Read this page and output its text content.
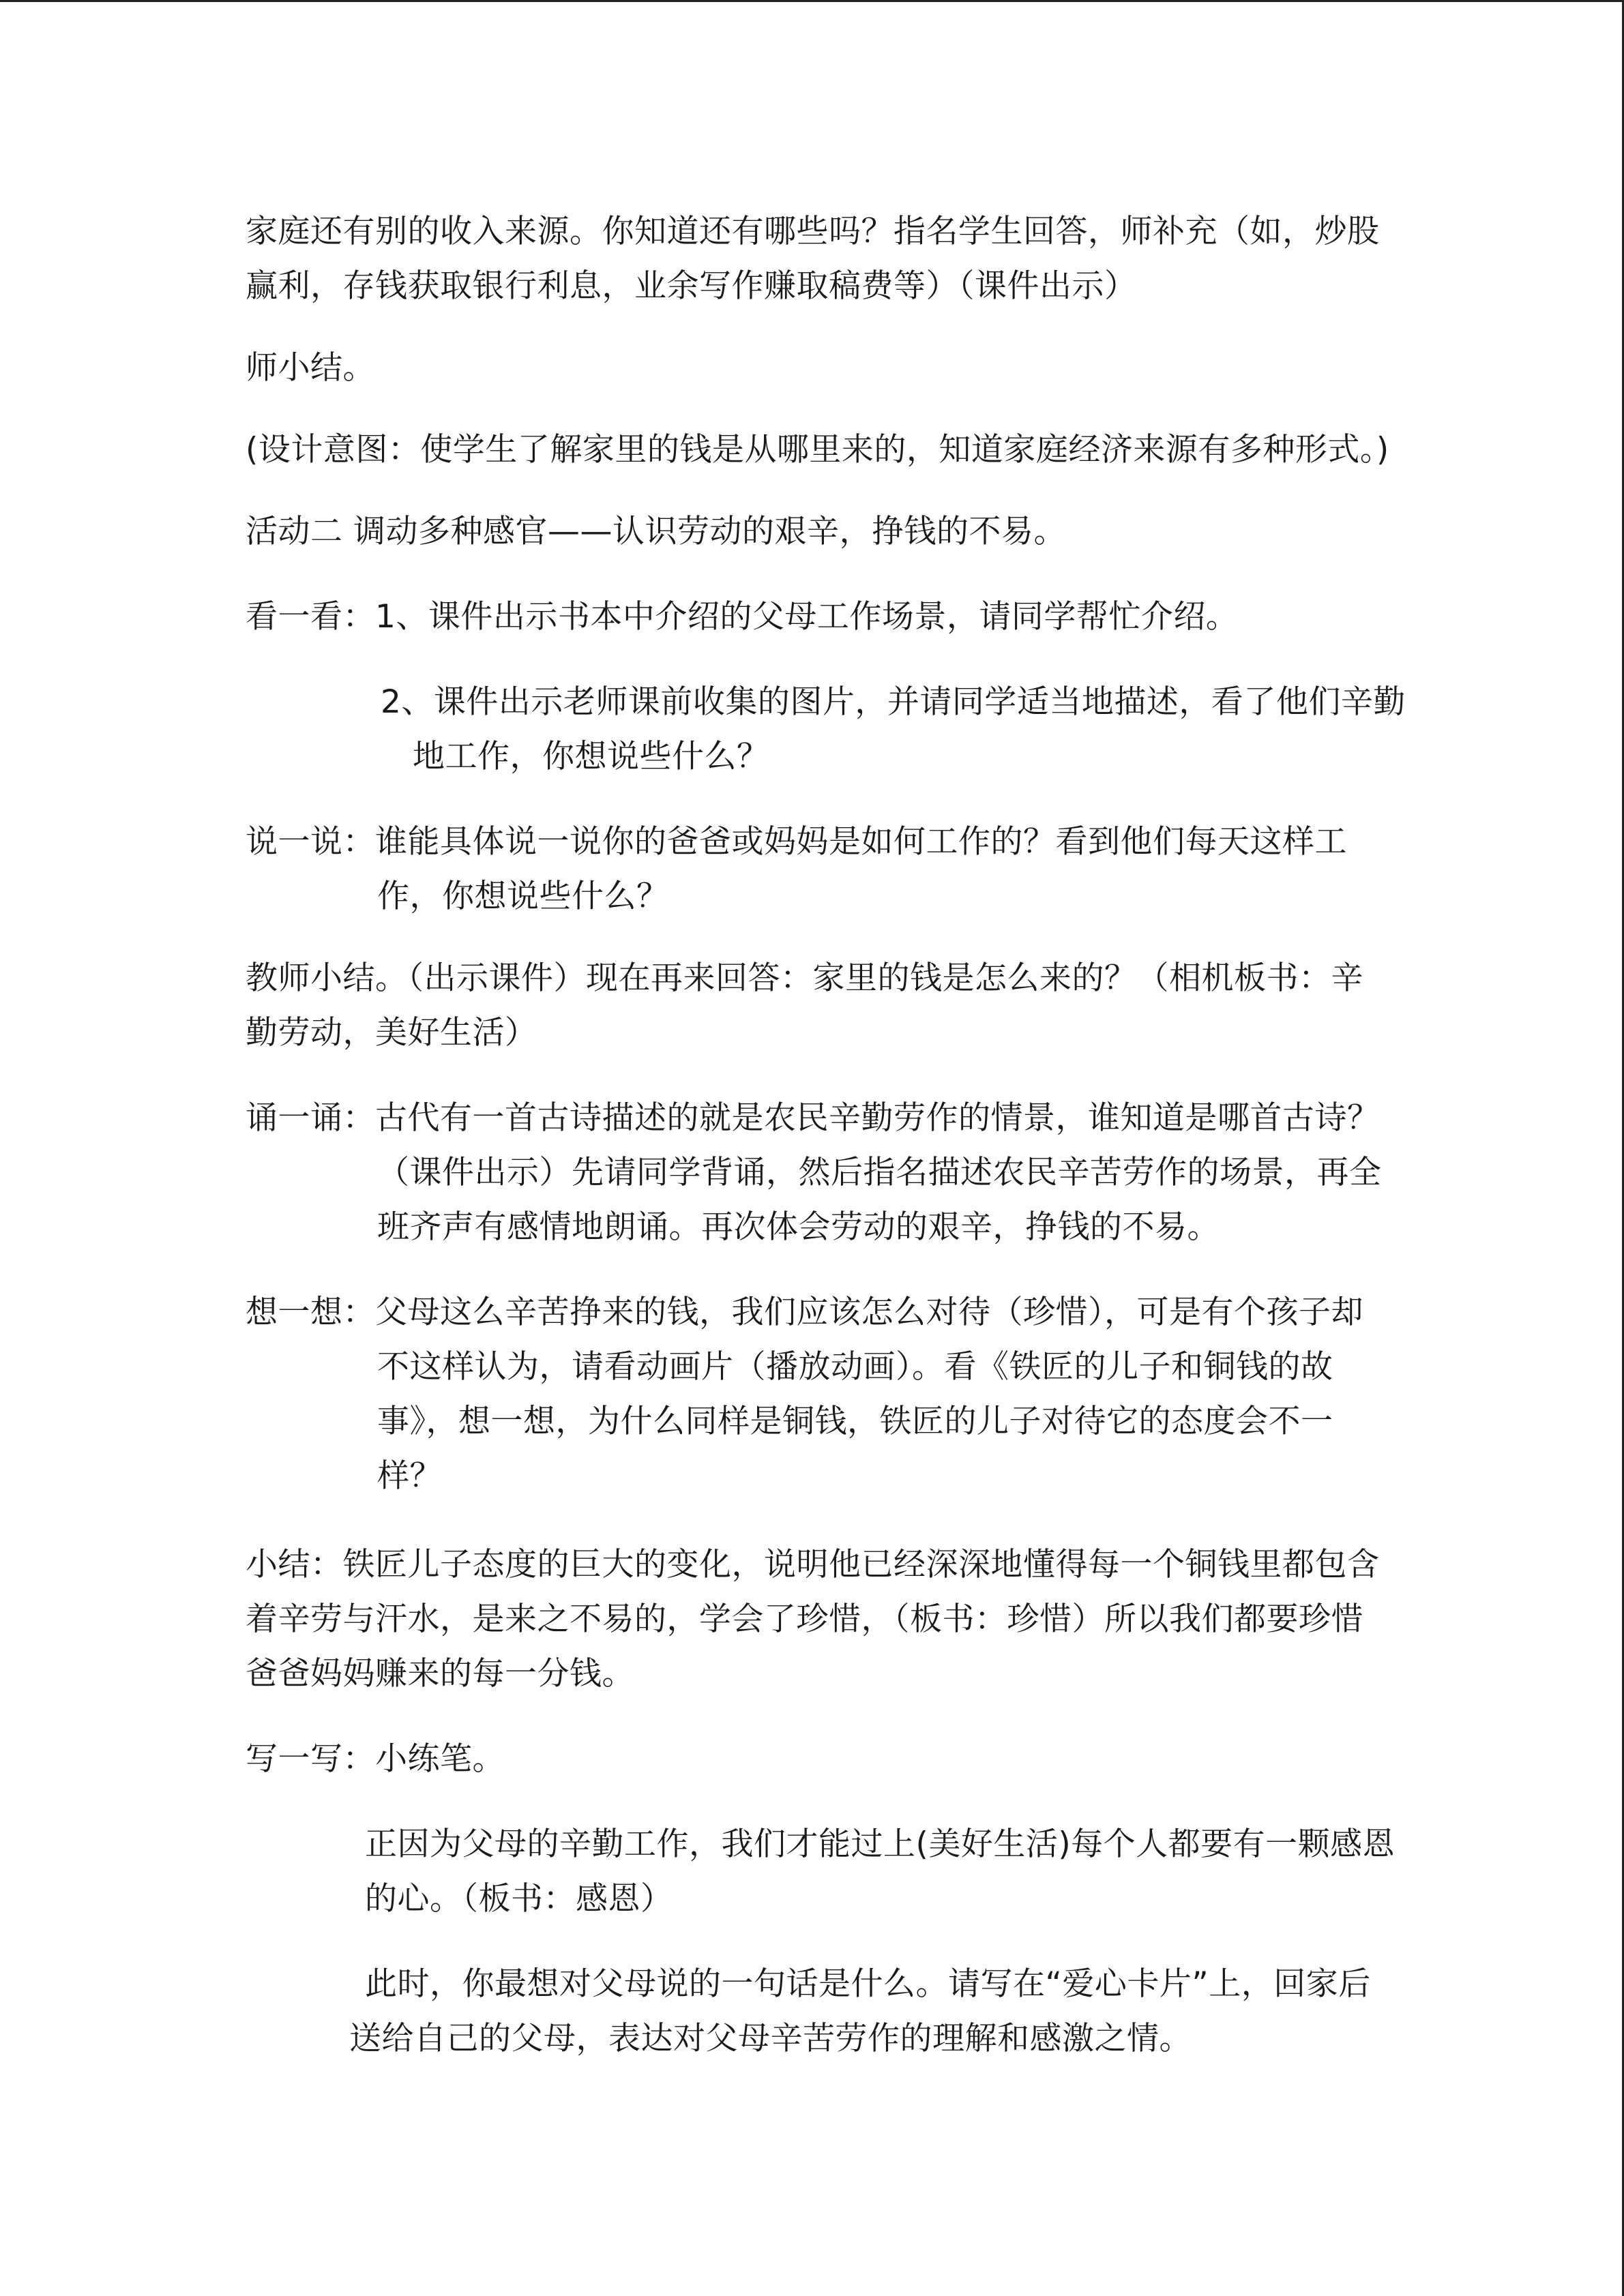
家庭还有别的收入来源。你知道还有哪些吗？指名学生回答，师补充（如，炒股
赢利，存钱获取银行利息，业余写作赚取稿费等）（课件出示）
师小结。
(设计意图：使学生了解家里的钱是从哪里来的，知道家庭经济来源有多种形式。)
活动二 调动多种感官——认识劳动的艰辛，挣钱的不易。
看一看：1、课件出示书本中介绍的父母工作场景，请同学帮忙介绍。
2、课件出示老师课前收集的图片，并请同学适当地描述，看了他们辛勤
地工作，你想说些什么？
说一说：谁能具体说一说你的爸爸或妈妈是如何工作的？看到他们每天这样工
作，你想说些什么？
教师小结。（出示课件）现在再来回答：家里的钱是怎么来的？（相机板书：辛
勤劳动，美好生活）
诵一诵：古代有一首古诗描述的就是农民辛勤劳作的情景，谁知道是哪首古诗？
（课件出示）先请同学背诵，然后指名描述农民辛苦劳作的场景，再全
班齐声有感情地朗诵。再次体会劳动的艰辛，挣钱的不易。
想一想：父母这么辛苦挣来的钱，我们应该怎么对待（珍惜），可是有个孩子却
不这样认为，请看动画片（播放动画）。看《铁匠的儿子和铜钱的故
事》，想一想，为什么同样是铜钱，铁匠的儿子对待它的态度会不一
样？
小结：铁匠儿子态度的巨大的变化，说明他已经深深地懂得每一个铜钱里都包含
着辛劳与汗水，是来之不易的，学会了珍惜，（板书：珍惜）所以我们都要珍惜
爸爸妈妈赚来的每一分钱。
写一写：小练笔。
正因为父母的辛勤工作，我们才能过上(美好生活)每个人都要有一颗感恩
的心。（板书：感恩）
此时，你最想对父母说的一句话是什么。请写在“爱心卡片”上，回家后
送给自己的父母，表达对父母辛苦劳作的理解和感激之情。
